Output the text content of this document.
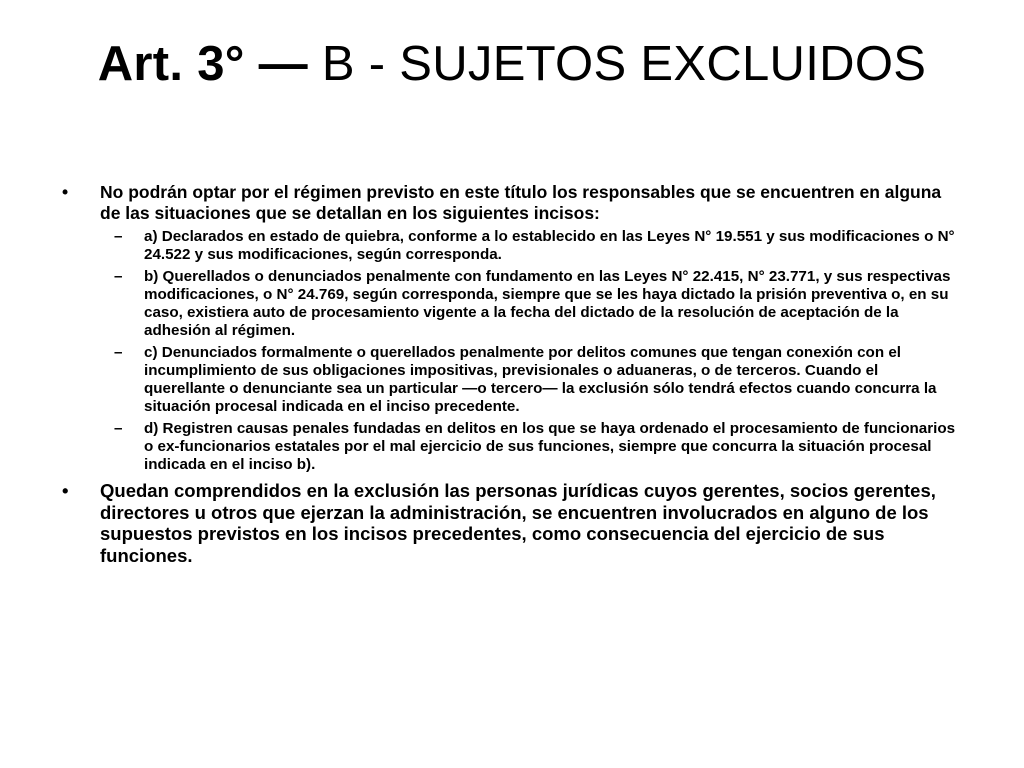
Art. 3° — B - SUJETOS EXCLUIDOS
• No podrán optar por el régimen previsto en este título los responsables que se encuentren en alguna de las situaciones que se detallan en los siguientes incisos:
– a) Declarados en estado de quiebra, conforme a lo establecido en las Leyes N° 19.551 y sus modificaciones o N° 24.522 y sus modificaciones, según corresponda.
– b) Querellados o denunciados penalmente con fundamento en las Leyes N° 22.415, N° 23.771, y sus respectivas modificaciones, o N° 24.769, según corresponda, siempre que se les haya dictado la prisión preventiva o, en su caso, existiera auto de procesamiento vigente a la fecha del dictado de la resolución de aceptación de la adhesión al régimen.
– c) Denunciados formalmente o querellados penalmente por delitos comunes que tengan conexión con el incumplimiento de sus obligaciones impositivas, previsionales o aduaneras, o de terceros. Cuando el querellante o denunciante sea un particular —o tercero— la exclusión sólo tendrá efectos cuando concurra la situación procesal indicada en el inciso precedente.
– d) Registren causas penales fundadas en delitos en los que se haya ordenado el procesamiento de funcionarios o ex-funcionarios estatales por el mal ejercicio de sus funciones, siempre que concurra la situación procesal indicada en el inciso b).
• Quedan comprendidos en la exclusión las personas jurídicas cuyos gerentes, socios gerentes, directores u otros que ejerzan la administración, se encuentren involucrados en alguno de los supuestos previstos en los incisos precedentes, como consecuencia del ejercicio de sus funciones.
